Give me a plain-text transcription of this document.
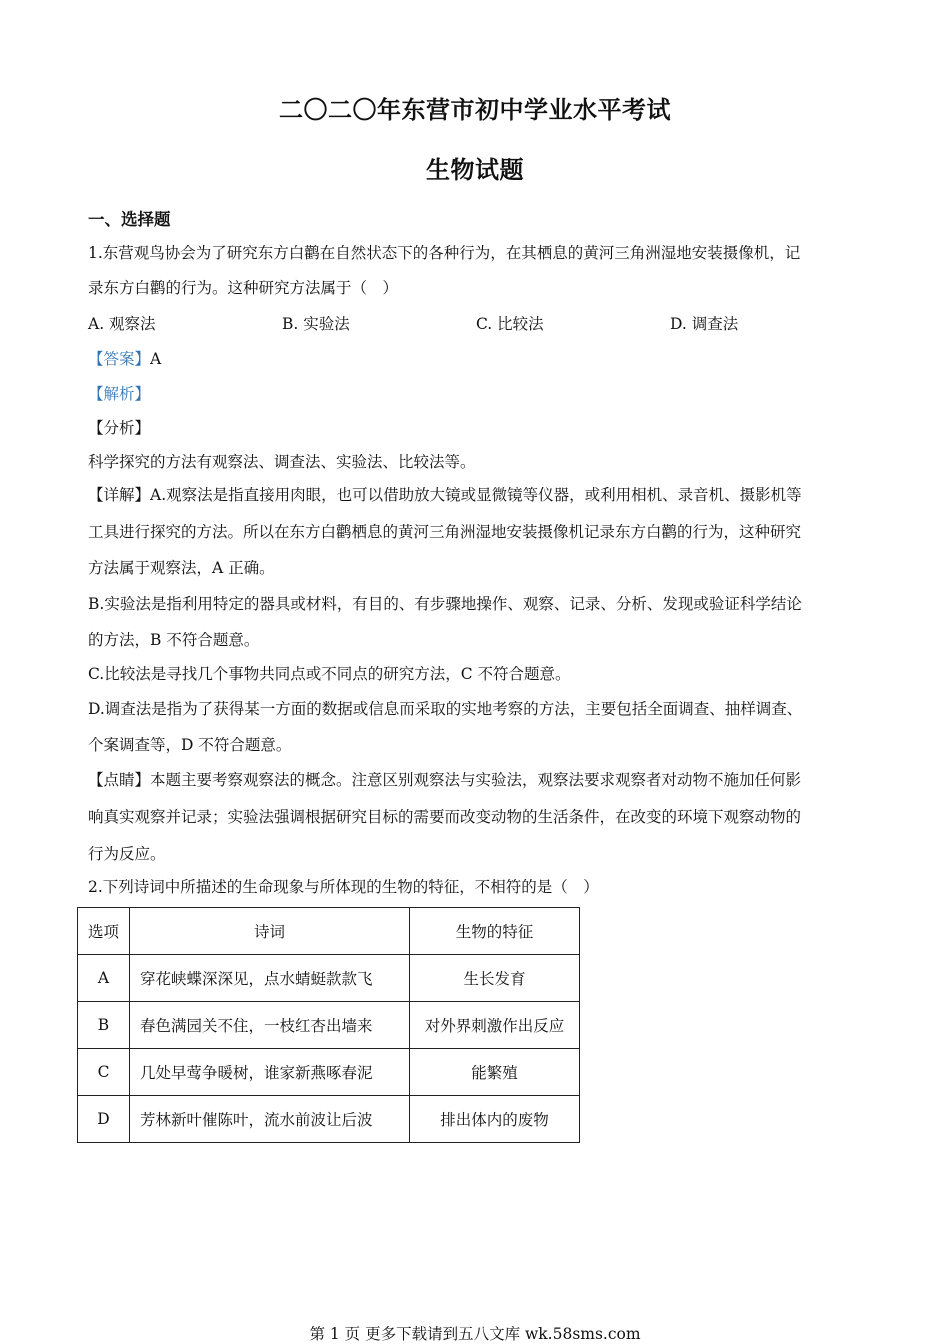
二〇二〇年东营市初中学业水平考试
生物试题
一、选择题
1.东营观鸟协会为了研究东方白鹳在自然状态下的各种行为，在其栖息的黄河三角洲湿地安装摄像机，记
录东方白鹳的行为。这种研究方法属于（　）
A. 观察法	B. 实验法	C. 比较法	D. 调查法
【答案】A
【解析】
【分析】
科学探究的方法有观察法、调查法、实验法、比较法等。
【详解】A.观察法是指直接用肉眼，也可以借助放大镜或显微镜等仪器，或利用相机、录音机、摄影机等
工具进行探究的方法。所以在东方白鹳栖息的黄河三角洲湿地安装摄像机记录东方白鹳的行为，这种研究
方法属于观察法，A 正确。
B.实验法是指利用特定的器具或材料，有目的、有步骤地操作、观察、记录、分析、发现或验证科学结论
的方法，B 不符合题意。
C.比较法是寻找几个事物共同点或不同点的研究方法，C 不符合题意。
D.调查法是指为了获得某一方面的数据或信息而采取的实地考察的方法，主要包括全面调查、抽样调查、
个案调查等，D 不符合题意。
【点睛】本题主要考察观察法的概念。注意区别观察法与实验法，观察法要求观察者对动物不施加任何影
响真实观察并记录；实验法强调根据研究目标的需要而改变动物的生活条件，在改变的环境下观察动物的
行为反应。
2.下列诗词中所描述的生命现象与所体现的生物的特征，不相符的是（　）
选项	诗词	生物的特征
A	穿花峡蝶深深见，点水蜻蜓款款飞	生长发育
B	春色满园关不住，一枝红杏出墙来	对外界刺激作出反应
C	几处早莺争暖树，谁家新燕啄春泥	能繁殖
D	芳林新叶催陈叶，流水前波让后波	排出体内的废物
第 1 页 更多下载请到五八文库 wk.58sms.com
